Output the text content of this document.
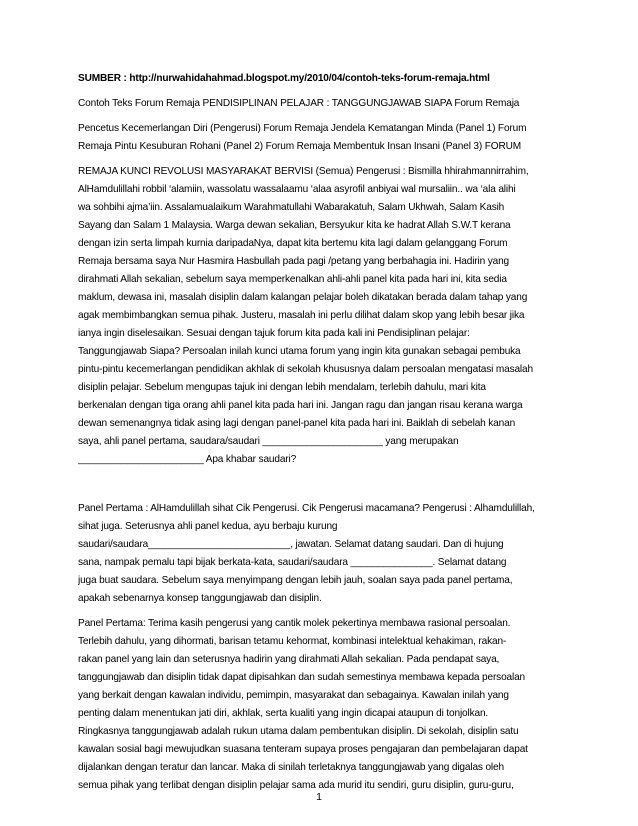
SUMBER : http://nurwahidahahmad.blogspot.my/2010/04/contoh-teks-forum-remaja.html
Contoh Teks Forum Remaja PENDISIPLINAN PELAJAR : TANGGUNGJAWAB SIAPA Forum Remaja
Pencetus Kecemerlangan Diri (Pengerusi) Forum Remaja Jendela Kematangan Minda (Panel 1) Forum
Remaja Pintu Kesuburan Rohani (Panel 2) Forum Remaja Membentuk Insan Insani (Panel 3) FORUM
REMAJA KUNCI REVOLUSI MASYARAKAT BERVISI (Semua) Pengerusi : Bismilla hhirahmannirrahim,
AlHamdulillahi robbil ‘alamiin, wassolatu wassalaamu ‘alaa asyrofil anbiyai wal mursaliin.. wa ‘ala alihi
wa sohbihi ajma’iin. Assalamualaikum Warahmatullahi Wabarakatuh, Salam Ukhwah, Salam Kasih
Sayang dan Salam 1 Malaysia. Warga dewan sekalian, Bersyukur kita ke hadrat Allah S.W.T kerana
dengan izin serta limpah kurnia daripadaNya, dapat kita bertemu kita lagi dalam gelanggang Forum
Remaja bersama saya Nur Hasmira Hasbullah pada pagi /petang yang berbahagia ini. Hadirin yang
dirahmati Allah sekalian, sebelum saya memperkenalkan ahli-ahli panel kita pada hari ini, kita sedia
maklum, dewasa ini, masalah disiplin dalam kalangan pelajar boleh dikatakan berada dalam tahap yang
agak membimbangkan semua pihak. Justeru, masalah ini perlu dilihat dalam skop yang lebih besar jika
ianya ingin diselesaikan. Sesuai dengan tajuk forum kita pada kali ini Pendisiplinan pelajar:
Tanggungjawab Siapa? Persoalan inilah kunci utama forum yang ingin kita gunakan sebagai pembuka
pintu-pintu kecemerlangan pendidikan akhlak di sekolah khususnya dalam persoalan mengatasi masalah
disiplin pelajar. Sebelum mengupas tajuk ini dengan lebih mendalam, terlebih dahulu, mari kita
berkenalan dengan tiga orang ahli panel kita pada hari ini. Jangan ragu dan jangan risau kerana warga
dewan semenangnya tidak asing lagi dengan panel-panel kita pada hari ini. Baiklah di sebelah kanan
saya, ahli panel pertama, saudara/saudari ______________________ yang merupakan
_______________________ Apa khabar saudari?
Panel Pertama : AlHamdulillah sihat Cik Pengerusi. Cik Pengerusi macamana? Pengerusi : Alhamdulillah,
sihat juga. Seterusnya ahli panel kedua, ayu berbaju kurung
saudari/saudara__________________________, jawatan. Selamat datang saudari. Dan di hujung
sana, nampak pemalu tapi bijak berkata-kata, saudari/saudara _______________. Selamat datang
juga buat saudara. Sebelum saya menyimpang dengan lebih jauh, soalan saya pada panel pertama,
apakah sebenarnya konsep tanggungjawab dan disiplin.
Panel Pertama: Terima kasih pengerusi yang cantik molek pekertinya membawa rasional persoalan.
Terlebih dahulu, yang dihormati, barisan tetamu kehormat, kombinasi intelektual kehakiman, rakan-
rakan panel yang lain dan seterusnya hadirin yang dirahmati Allah sekalian. Pada pendapat saya,
tanggungjawab dan disiplin tidak dapat dipisahkan dan sudah semestinya membawa kepada persoalan
yang berkait dengan kawalan individu, pemimpin, masyarakat dan sebagainya. Kawalan inilah yang
penting dalam menentukan jati diri, akhlak, serta kualiti yang ingin dicapai ataupun di tonjolkan.
Ringkasnya tanggungjawab adalah rukun utama dalam pembentukan disiplin. Di sekolah, disiplin satu
kawalan sosial bagi mewujudkan suasana tenteram supaya proses pengajaran dan pembelajaran dapat
dijalankan dengan teratur dan lancar. Maka di sinilah terletaknya tanggungjawab yang digalas oleh
semua pihak yang terlibat dengan disiplin pelajar sama ada murid itu sendiri, guru disiplin, guru-guru,
1
